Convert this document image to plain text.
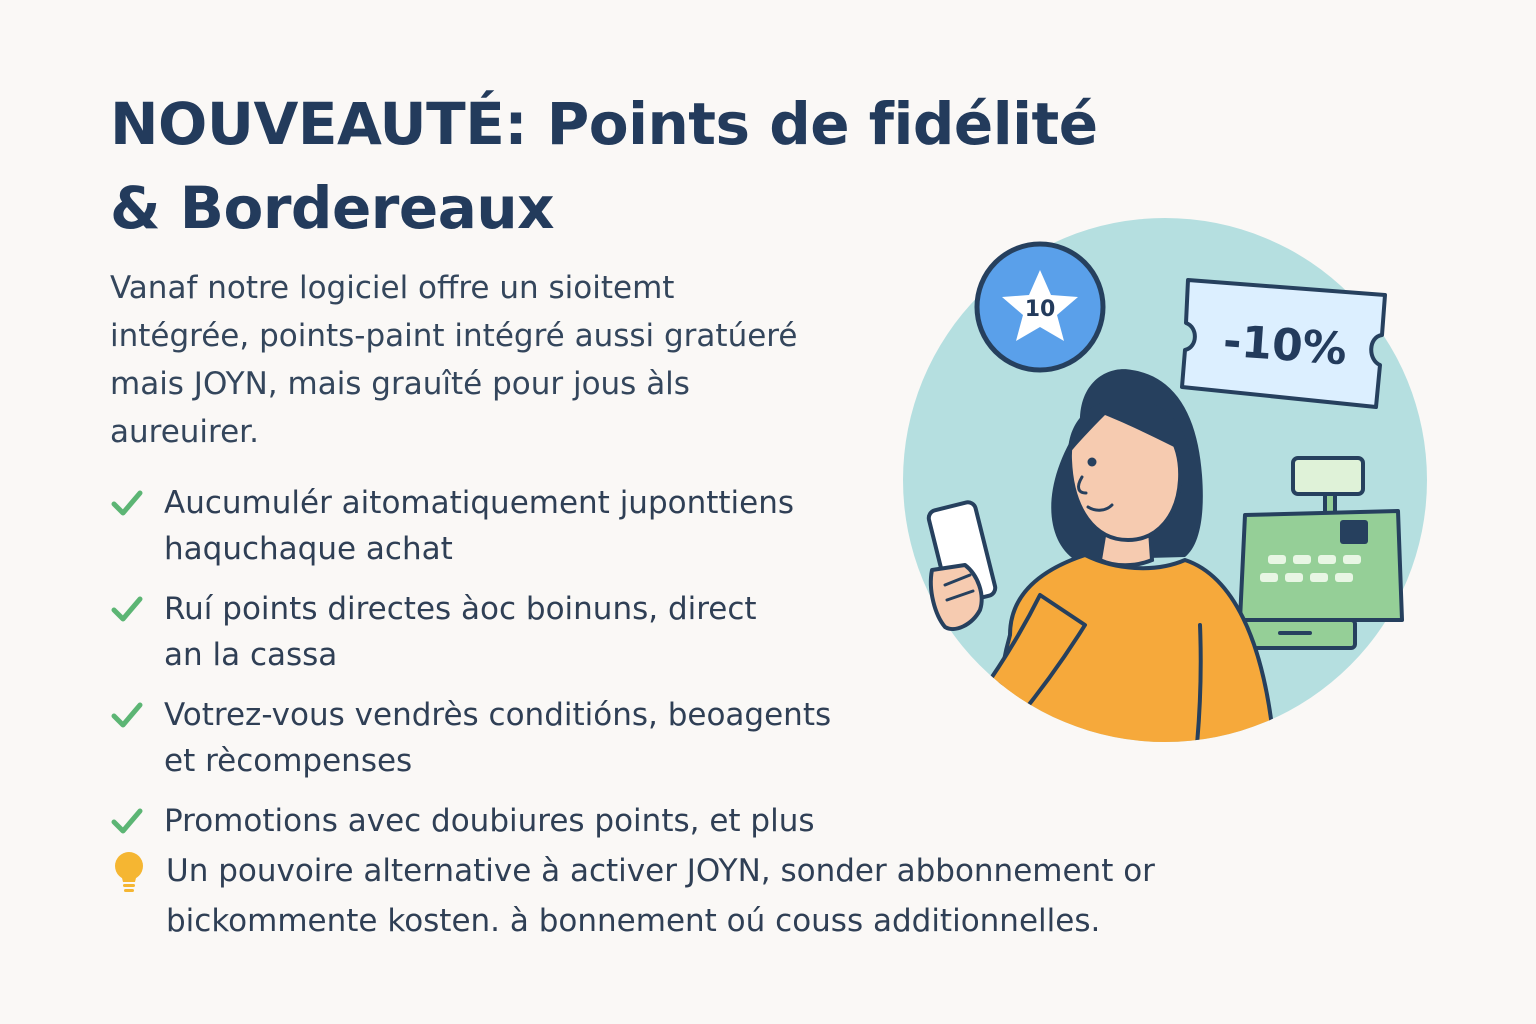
NOUVEAUTÉ: Points de fidélité
& Bordereaux

Vanaf notre logiciel offre un sioitemt
intégrée, points-paint intégré aussi gratúeré
mais JOYN, mais grauîté pour jous àls
aureuirer.

Aucumulér aitomatiquement juponttiens
haquchaque achat
Ruí points directes àoc boinuns, direct
an la cassa
Votrez-vous vendrès conditións, beoagents
et rècompenses
Promotions avec doubiures points, et plus
Un pouvoire alternative à activer JOYN, sonder abbonnement or
bickommente kosten. à bonnement oú couss additionnelles.
10
-10%
